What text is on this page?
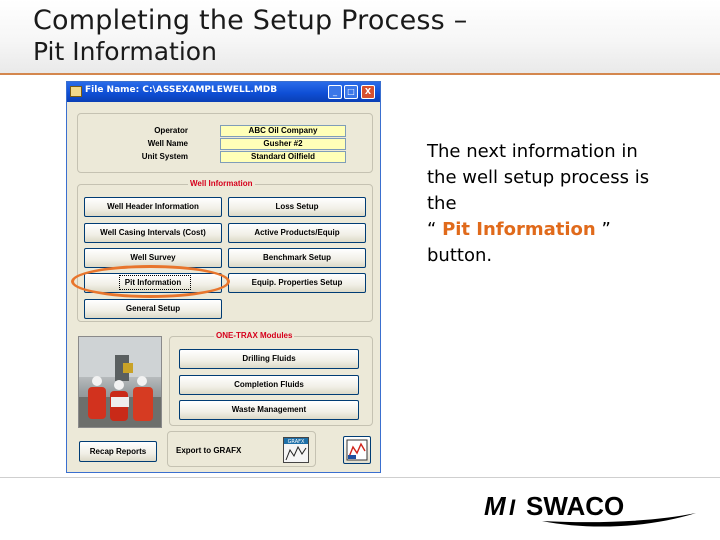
Completing the Setup Process –
Pit Information
File Name: C:\ASSEXAMPLEWELL.MDB	_	□	X
Operator	ABC Oil Company
Well Name	Gusher #2
Unit System	Standard Oilfield
Well Information
Well Header Information	Loss Setup
Well Casing Intervals (Cost)	Active Products/Equip
Well Survey	Benchmark Setup
Pit Information	Equip. Properties Setup
General Setup
ONE-TRAX Modules
Drilling Fluids
Completion Fluids
Waste Management
Recap Reports	Export to GRAFX
GRAFX
The next information in
the well setup process is
the
“ Pit Information ”
button.
M I SWACO
